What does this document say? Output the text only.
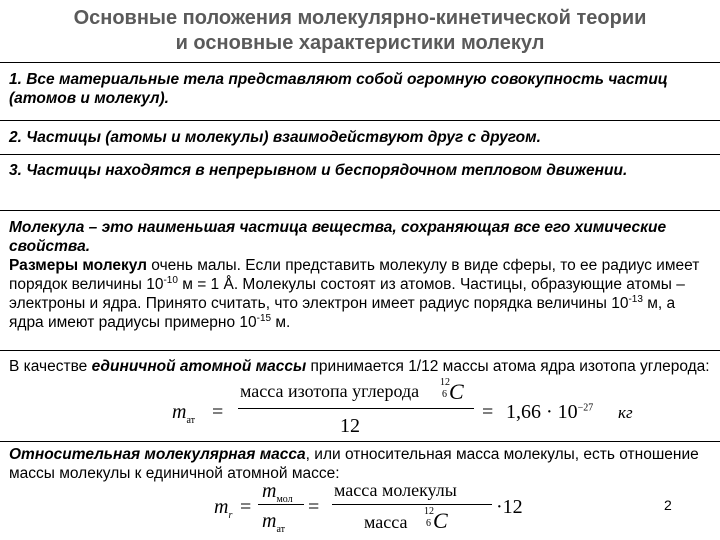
Основные положения молекулярно-кинетической теории
и основные характеристики молекул
1. Все материальные тела представляют собой огромную совокупность частиц (атомов и молекул).
2. Частицы (атомы и молекулы) взаимодействуют друг с другом.
3. Частицы находятся в непрерывном и беспорядочном тепловом движении.
Молекула – это наименьшая частица вещества, сохраняющая все его химические свойства.
Размеры молекул очень малы. Если представить молекулу в виде сферы, то ее радиус имеет порядок величины $10^{-10}$ м = 1 Å. Молекулы состоят из атомов. Частицы, образующие атомы – электроны и ядра. Принято считать, что электрон имеет радиус порядка величины $10^{-13}$ м, а ядра имеют радиусы примерно $10^{-15}$ м.
В качестве единичной атомной массы принимается 1/12 массы атома ядра изотопа углерода:
$m_{ат}$ =
масса изотопа углерода 12
6 C
12
= $1,66 \cdot 10^{-27}$ кг
Относительная молекулярная масса, или относительная масса молекулы, есть отношение массы молекулы к единичной атомной массе:
$m_r$ =
$m_{мол}$
$m_{ат}$
=
масса молекулы
масса
12
6 C
·12	2
